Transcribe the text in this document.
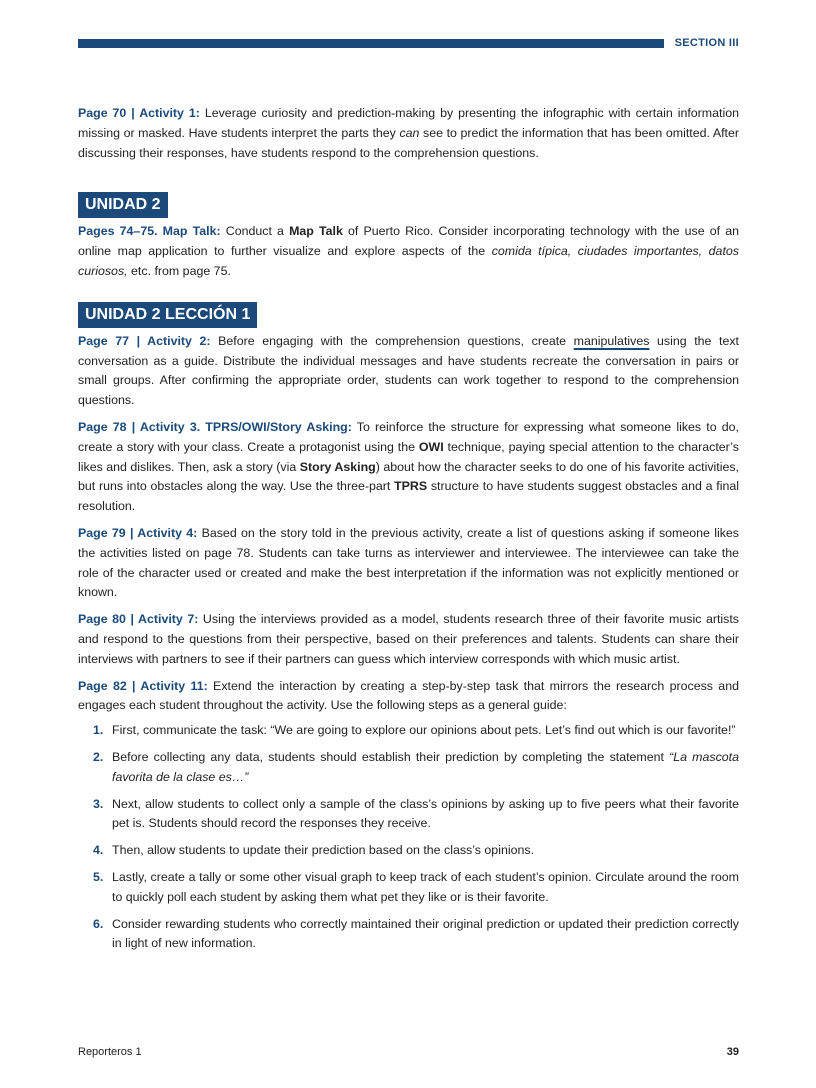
SECTION III

Page 70 | Activity 1: Leverage curiosity and prediction-making by presenting the infographic with certain information missing or masked. Have students interpret the parts they can see to predict the information that has been omitted. After discussing their responses, have students respond to the comprehension questions.

UNIDAD 2

Pages 74–75. Map Talk: Conduct a Map Talk of Puerto Rico. Consider incorporating technology with the use of an online map application to further visualize and explore aspects of the comida típica, ciudades importantes, datos curiosos, etc. from page 75.

UNIDAD 2 LECCIÓN 1

Page 77 | Activity 2: Before engaging with the comprehension questions, create manipulatives using the text conversation as a guide. Distribute the individual messages and have students recreate the conversation in pairs or small groups. After confirming the appropriate order, students can work together to respond to the comprehension questions.

Page 78 | Activity 3. TPRS/OWI/Story Asking: To reinforce the structure for expressing what someone likes to do, create a story with your class. Create a protagonist using the OWI technique, paying special attention to the character’s likes and dislikes. Then, ask a story (via Story Asking) about how the character seeks to do one of his favorite activities, but runs into obstacles along the way. Use the three-part TPRS structure to have students suggest obstacles and a final resolution.

Page 79 | Activity 4: Based on the story told in the previous activity, create a list of questions asking if someone likes the activities listed on page 78. Students can take turns as interviewer and interviewee. The interviewee can take the role of the character used or created and make the best interpretation if the information was not explicitly mentioned or known.

Page 80 | Activity 7: Using the interviews provided as a model, students research three of their favorite music artists and respond to the questions from their perspective, based on their preferences and talents. Students can share their interviews with partners to see if their partners can guess which interview corresponds with which music artist.

Page 82 | Activity 11: Extend the interaction by creating a step-by-step task that mirrors the research process and engages each student throughout the activity. Use the following steps as a general guide:

1. First, communicate the task: “We are going to explore our opinions about pets. Let’s find out which is our favorite!”
2. Before collecting any data, students should establish their prediction by completing the statement “La mascota favorita de la clase es…”
3. Next, allow students to collect only a sample of the class’s opinions by asking up to five peers what their favorite pet is. Students should record the responses they receive.
4. Then, allow students to update their prediction based on the class’s opinions.
5. Lastly, create a tally or some other visual graph to keep track of each student’s opinion. Circulate around the room to quickly poll each student by asking them what pet they like or is their favorite.
6. Consider rewarding students who correctly maintained their original prediction or updated their prediction correctly in light of new information.
Reporteros 1	39
